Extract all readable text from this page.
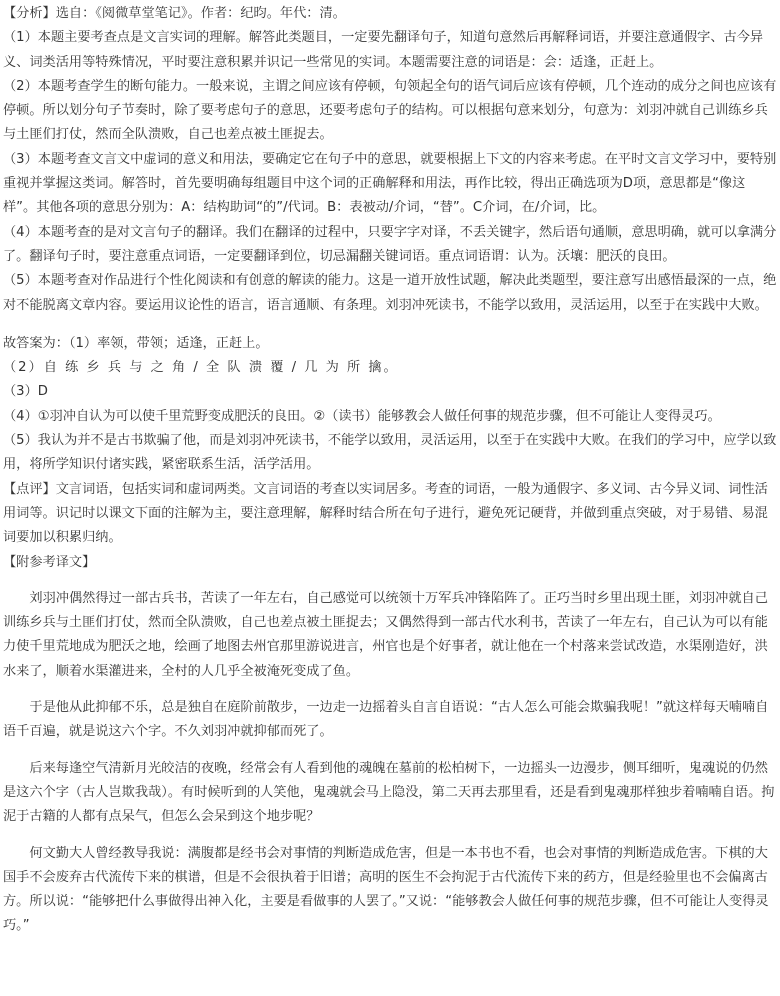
【分析】选自：《阅微草堂笔记》。作者：纪昀。年代：清。

（1）本题主要考查点是文言实词的理解。解答此类题目，一定要先翻译句子，知道句意然后再解释词语，并要注意通假字、古今异义、词类活用等特殊情况，平时要注意积累并识记一些常见的实词。本题需要注意的词语是：会：适逢，正赶上。

（2）本题考查学生的断句能力。一般来说，主谓之间应该有停顿，句领起全句的语气词后应该有停顿，几个连动的成分之间也应该有停顿。所以划分句子节奏时，除了要考虑句子的意思，还要考虑句子的结构。可以根据句意来划分，句意为：刘羽冲就自己训练乡兵与土匪们打仗，然而全队溃败，自己也差点被土匪捉去。

（3）本题考查文言文中虚词的意义和用法，要确定它在句子中的意思，就要根据上下文的内容来考虑。在平时文言文学习中，要特别重视并掌握这类词。解答时，首先要明确每组题目中这个词的正确解释和用法，再作比较，得出正确选项为D项，意思都是“像这样”。其他各项的意思分别为：A：结构助词“的”/代词。B：表被动/介词，“替”。C介词，在/介词，比。

（4）本题考查的是对文言句子的翻译。我们在翻译的过程中，只要字字对译，不丢关键字，然后语句通顺，意思明确，就可以拿满分了。翻译句子时，要注意重点词语，一定要翻译到位，切忌漏翻关键词语。重点词语谓：认为。沃壤：肥沃的良田。

（5）本题考查对作品进行个性化阅读和有创意的解读的能力。这是一道开放性试题，解决此类题型，要注意写出感悟最深的一点，绝对不能脱离文章内容。要运用议论性的语言，语言通顺、有条理。刘羽冲死读书，不能学以致用，灵活运用，以至于在实践中大败。

故答案为：（1）率领，带领；适逢，正赶上。

（2）自 练 乡 兵 与 之 角 / 全 队 溃 覆 / 几 为 所 擒。

（3）D

（4）①羽冲自认为可以使千里荒野变成肥沃的良田。②（读书）能够教会人做任何事的规范步骤，但不可能让人变得灵巧。

（5）我认为并不是古书欺骗了他，而是刘羽冲死读书，不能学以致用，灵活运用，以至于在实践中大败。在我们的学习中，应学以致用，将所学知识付诸实践，紧密联系生活，活学活用。

【点评】文言词语，包括实词和虚词两类。文言词语的考查以实词居多。考查的词语，一般为通假字、多义词、古今异义词、词性活用词等。识记时以课文下面的注解为主，要注意理解，解释时结合所在句子进行，避免死记硬背，并做到重点突破，对于易错、易混词要加以积累归纳。

【附参考译文】

刘羽冲偶然得过一部古兵书，苦读了一年左右，自己感觉可以统领十万军兵冲锋陷阵了。正巧当时乡里出现土匪，刘羽冲就自己训练乡兵与土匪们打仗，然而全队溃败，自己也差点被土匪捉去；又偶然得到一部古代水利书，苦读了一年左右，自己认为可以有能力使千里荒地成为肥沃之地，绘画了地图去州官那里游说进言，州官也是个好事者，就让他在一个村落来尝试改造，水渠刚造好，洪水来了，顺着水渠灌进来，全村的人几乎全被淹死变成了鱼。

于是他从此抑郁不乐，总是独自在庭阶前散步，一边走一边摇着头自言自语说：“古人怎么可能会欺骗我呢！”就这样每天喃喃自语千百遍，就是说这六个字。不久刘羽冲就抑郁而死了。

后来每逢空气清新月光皎洁的夜晚，经常会有人看到他的魂魄在墓前的松柏树下，一边摇头一边漫步，侧耳细听，鬼魂说的仍然是这六个字（古人岂欺我哉）。有时候听到的人笑他，鬼魂就会马上隐没，第二天再去那里看，还是看到鬼魂那样独步着喃喃自语。拘泥于古籍的人都有点呆气，但怎么会呆到这个地步呢？

何文勤大人曾经教导我说：满腹都是经书会对事情的判断造成危害，但是一本书也不看，也会对事情的判断造成危害。下棋的大国手不会废弃古代流传下来的棋谱，但是不会很执着于旧谱；高明的医生不会拘泥于古代流传下来的药方，但是经验里也不会偏离古方。所以说：“能够把什么事做得出神入化，主要是看做事的人罢了。”又说：“能够教会人做任何事的规范步骤，但不可能让人变得灵巧。”
